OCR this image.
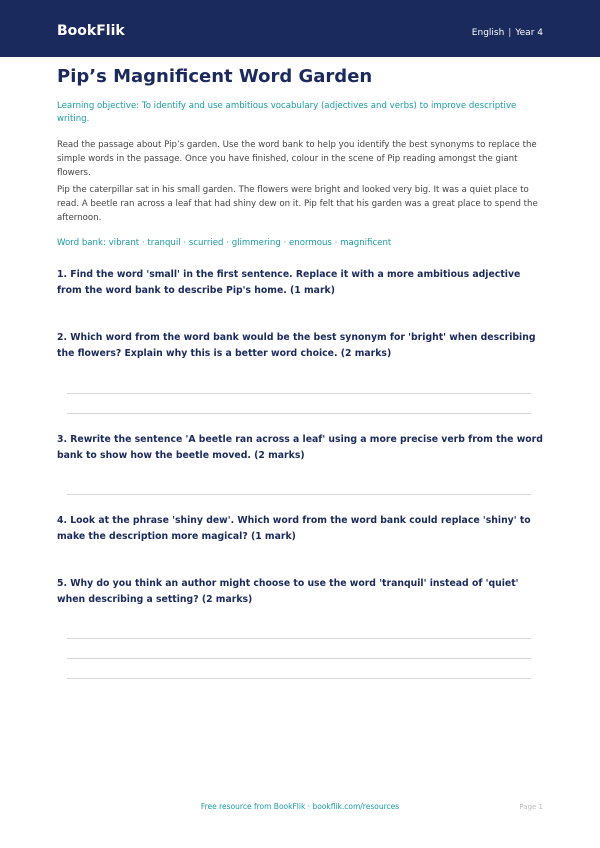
BookFlik	English | Year 4
Pip’s Magnificent Word Garden

Learning objective: To identify and use ambitious vocabulary (adjectives and verbs) to improve descriptive writing.

Read the passage about Pip’s garden. Use the word bank to help you identify the best synonyms to replace the simple words in the passage. Once you have finished, colour in the scene of Pip reading amongst the giant flowers.

Pip the caterpillar sat in his small garden. The flowers were bright and looked very big. It was a quiet place to read. A beetle ran across a leaf that had shiny dew on it. Pip felt that his garden was a great place to spend the afternoon.

Word bank: vibrant · tranquil · scurried · glimmering · enormous · magnificent

1. Find the word 'small' in the first sentence. Replace it with a more ambitious adjective from the word bank to describe Pip's home. (1 mark)
2. Which word from the word bank would be the best synonym for 'bright' when describing the flowers? Explain why this is a better word choice. (2 marks)
3. Rewrite the sentence 'A beetle ran across a leaf' using a more precise verb from the word bank to show how the beetle moved. (2 marks)
4. Look at the phrase 'shiny dew'. Which word from the word bank could replace 'shiny' to make the description more magical? (1 mark)
5. Why do you think an author might choose to use the word 'tranquil' instead of 'quiet' when describing a setting? (2 marks)
Free resource from BookFlik · bookflik.com/resources	Page 1
